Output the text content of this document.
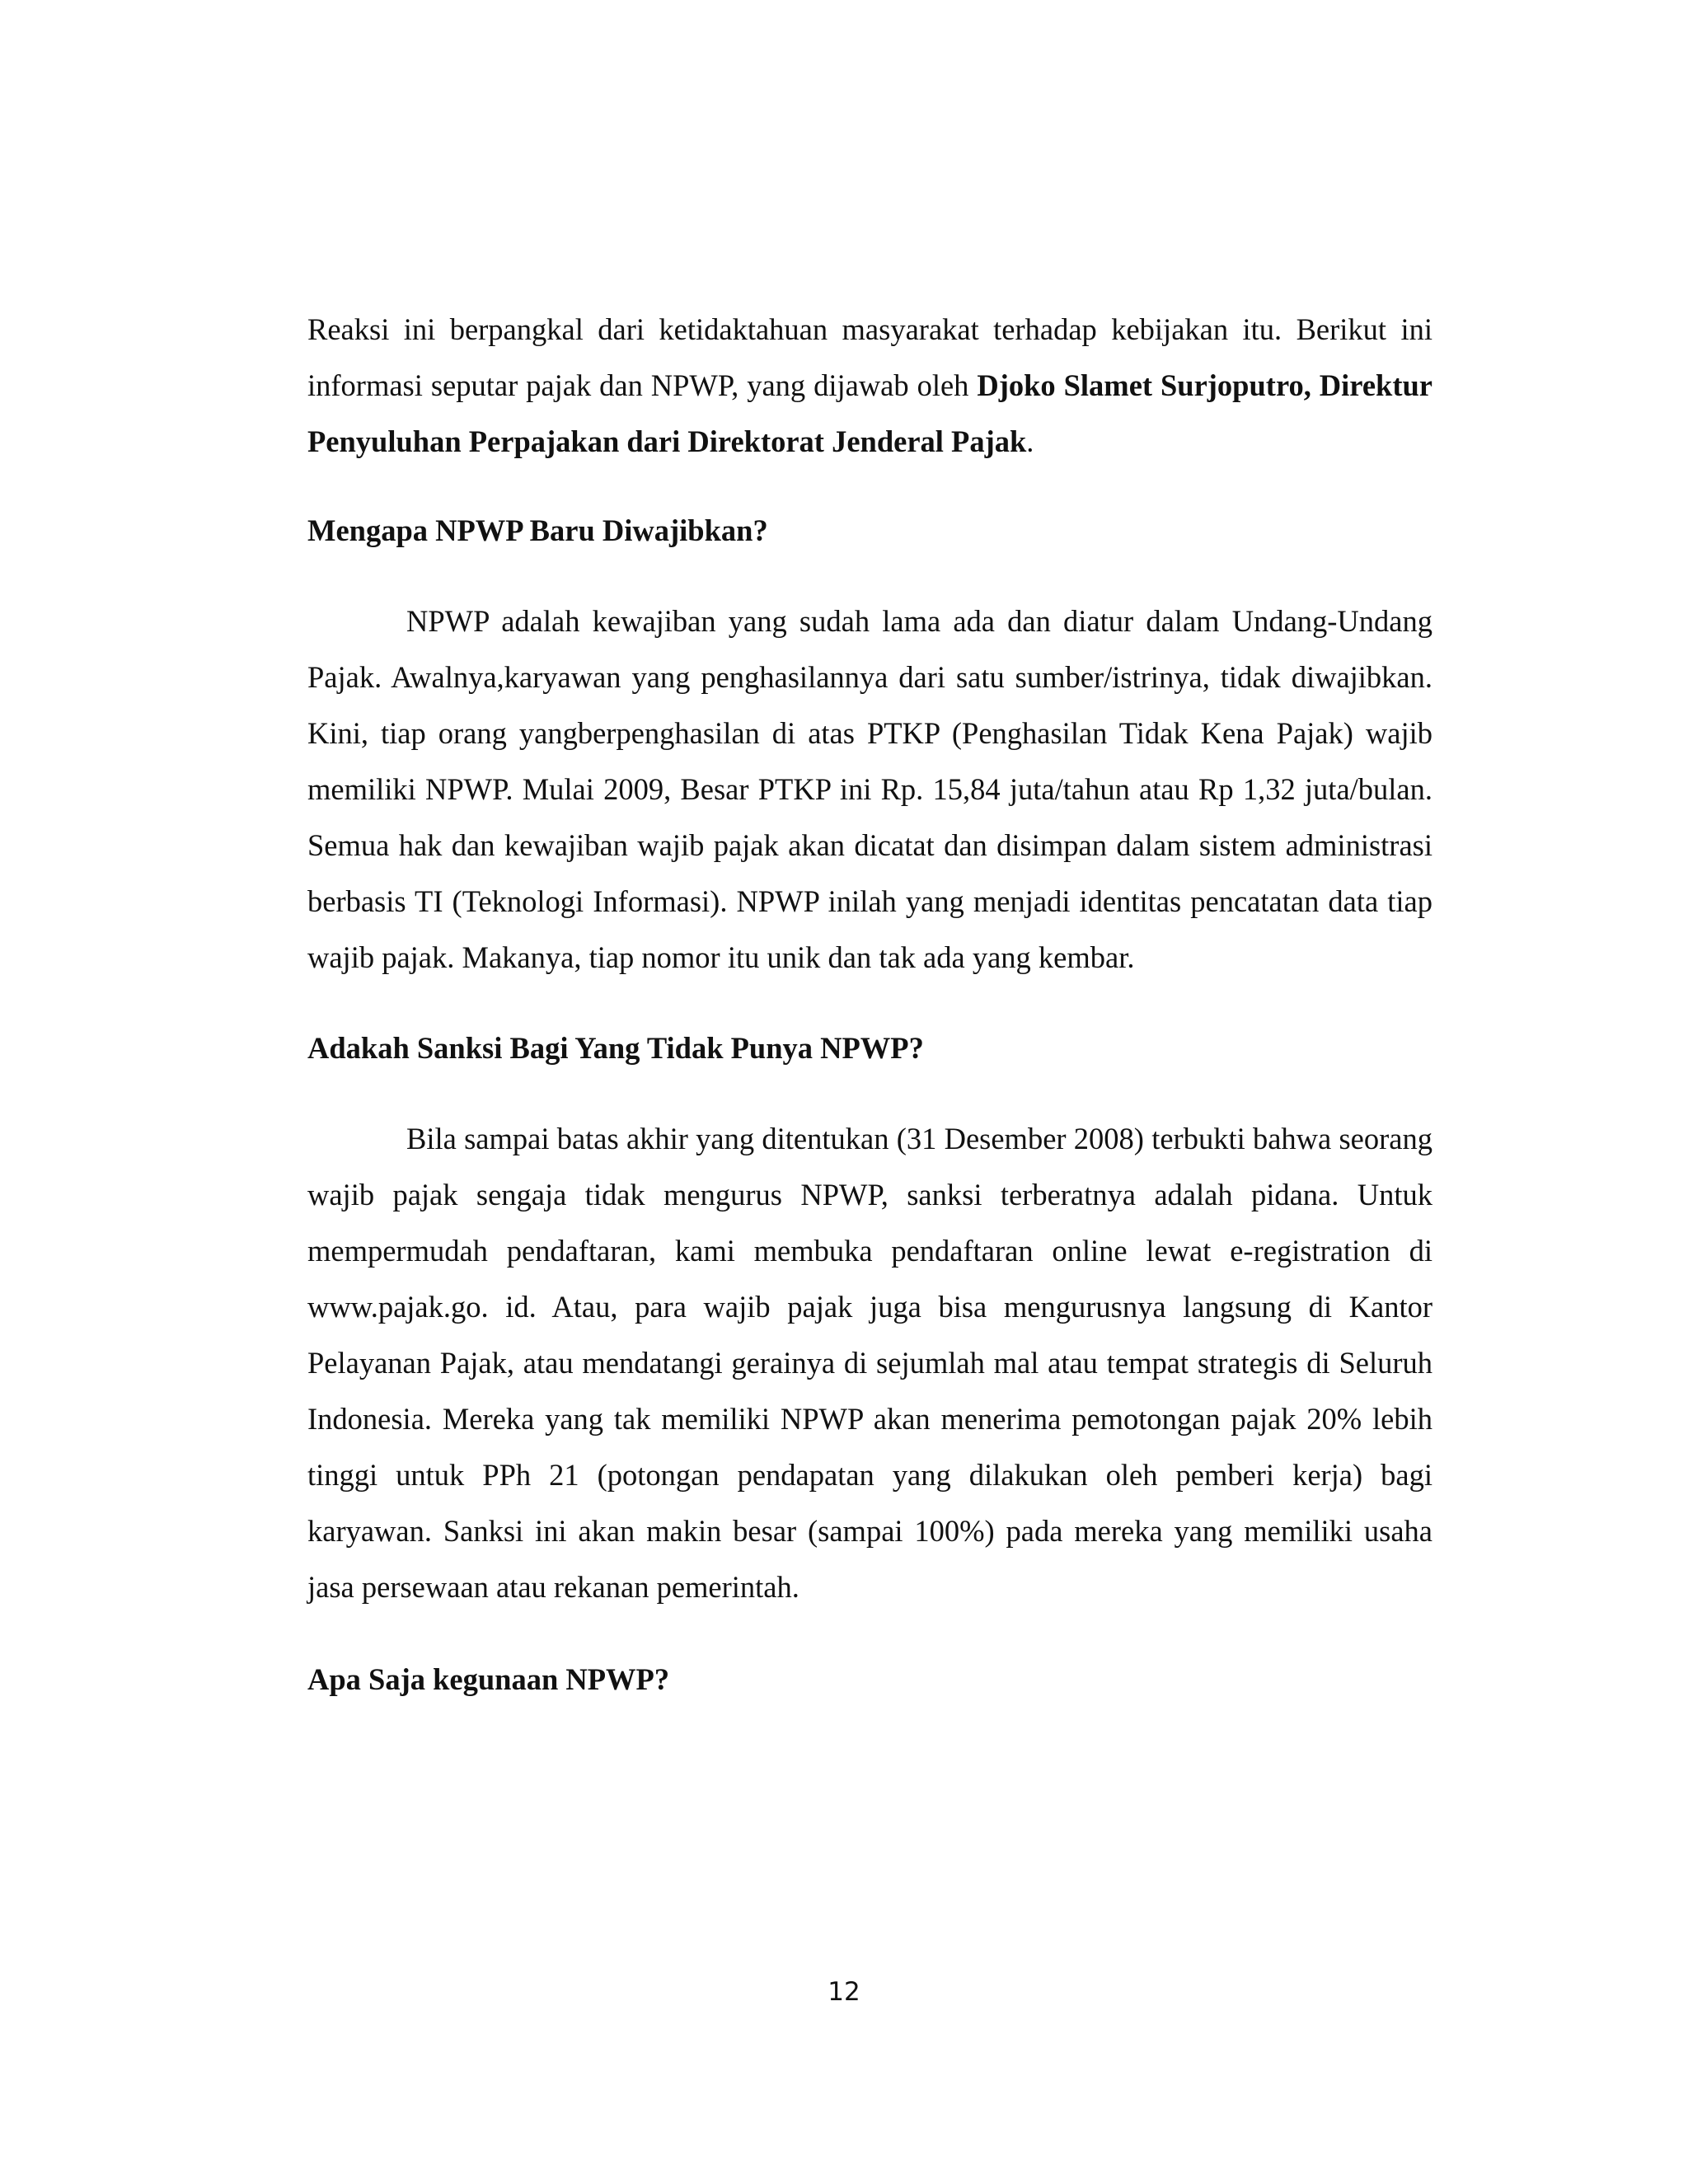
Reaksi ini berpangkal dari ketidaktahuan masyarakat terhadap kebijakan itu. Berikut ini informasi seputar pajak dan NPWP, yang dijawab oleh Djoko Slamet Surjoputro, Direktur Penyuluhan Perpajakan dari Direktorat Jenderal Pajak.

Mengapa NPWP Baru Diwajibkan?

NPWP adalah kewajiban yang sudah lama ada dan diatur dalam Undang-Undang Pajak. Awalnya,karyawan yang penghasilannya dari satu sumber/istrinya, tidak diwajibkan. Kini, tiap orang yangberpenghasilan di atas PTKP (Penghasilan Tidak Kena Pajak) wajib memiliki NPWP. Mulai 2009, Besar PTKP ini Rp. 15,84 juta/tahun atau Rp 1,32 juta/bulan. Semua hak dan kewajiban wajib pajak akan dicatat dan disimpan dalam sistem administrasi berbasis TI (Teknologi Informasi). NPWP inilah yang menjadi identitas pencatatan data tiap wajib pajak. Makanya, tiap nomor itu unik dan tak ada yang kembar.

Adakah Sanksi Bagi Yang Tidak Punya NPWP?

Bila sampai batas akhir yang ditentukan (31 Desember 2008) terbukti bahwa seorang wajib pajak sengaja tidak mengurus NPWP, sanksi terberatnya adalah pidana. Untuk mempermudah pendaftaran, kami membuka pendaftaran online lewat e-registration di www.pajak.go. id. Atau, para wajib pajak juga bisa mengurusnya langsung di Kantor Pelayanan Pajak, atau mendatangi gerainya di sejumlah mal atau tempat strategis di Seluruh Indonesia. Mereka yang tak memiliki NPWP akan menerima pemotongan pajak 20% lebih tinggi untuk PPh 21 (potongan pendapatan yang dilakukan oleh pemberi kerja) bagi karyawan. Sanksi ini akan makin besar (sampai 100%) pada mereka yang memiliki usaha jasa persewaan atau rekanan pemerintah.

Apa Saja kegunaan NPWP?
12
